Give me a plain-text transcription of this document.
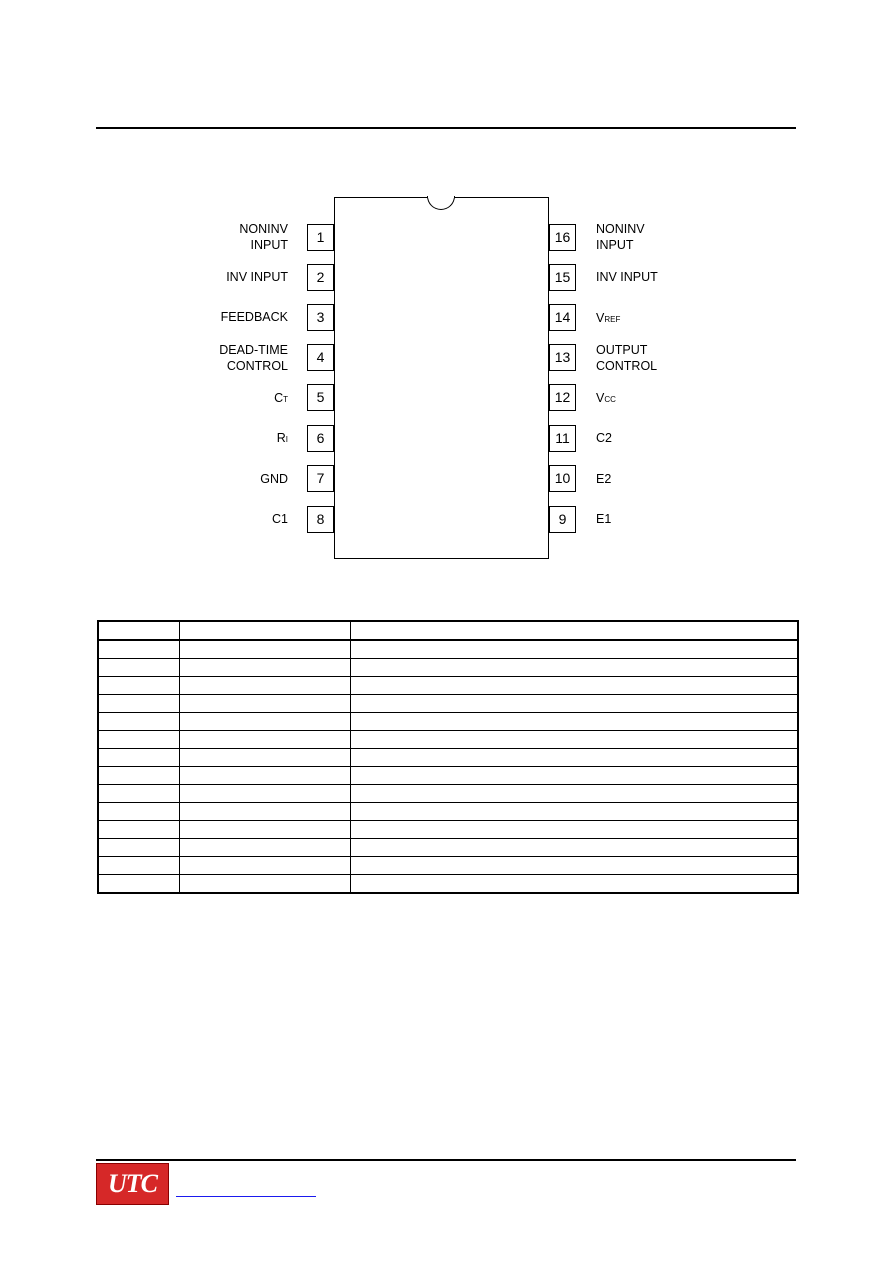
1
2
3
4
5
6
7
8
16
15
14
13
12
11
10
9
NONINV
INPUT
INV INPUT
FEEDBACK
DEAD-TIME
CONTROL
CT
RI
GND
C1
NONINV
INPUT
INV INPUT
VREF
OUTPUT
CONTROL
VCC
C2
E2
E1

UTC
